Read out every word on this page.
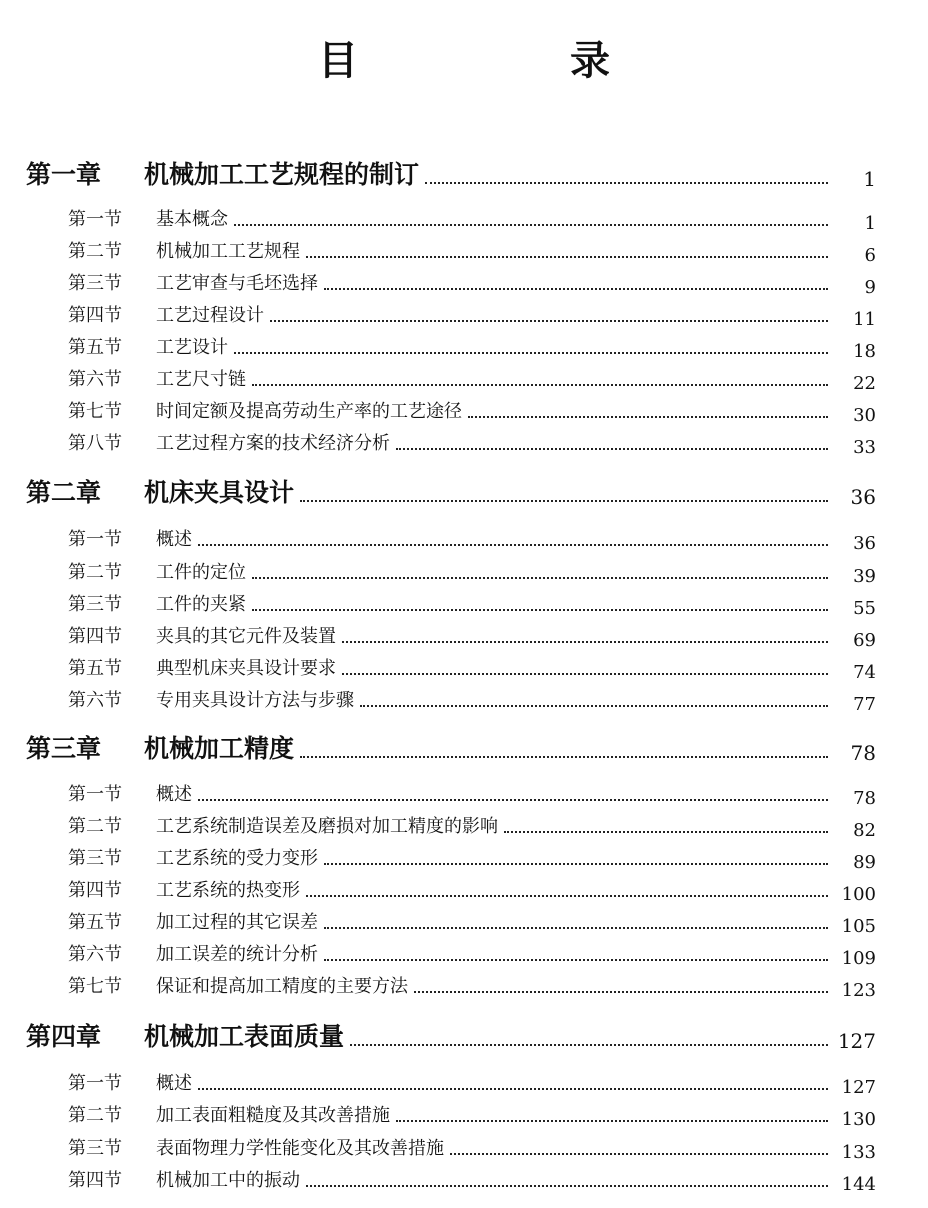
目　录
第一章	机械加工工艺规程的制订	1
第一节	基本概念	1
第二节	机械加工工艺规程	6
第三节	工艺审查与毛坯选择	9
第四节	工艺过程设计	11
第五节	工艺设计	18
第六节	工艺尺寸链	22
第七节	时间定额及提高劳动生产率的工艺途径	30
第八节	工艺过程方案的技术经济分析	33
第二章	机床夹具设计	36
第一节	概述	36
第二节	工件的定位	39
第三节	工件的夹紧	55
第四节	夹具的其它元件及装置	69
第五节	典型机床夹具设计要求	74
第六节	专用夹具设计方法与步骤	77
第三章	机械加工精度	78
第一节	概述	78
第二节	工艺系统制造误差及磨损对加工精度的影响	82
第三节	工艺系统的受力变形	89
第四节	工艺系统的热变形	100
第五节	加工过程的其它误差	105
第六节	加工误差的统计分析	109
第七节	保证和提高加工精度的主要方法	123
第四章	机械加工表面质量	127
第一节	概述	127
第二节	加工表面粗糙度及其改善措施	130
第三节	表面物理力学性能变化及其改善措施	133
第四节	机械加工中的振动	144
